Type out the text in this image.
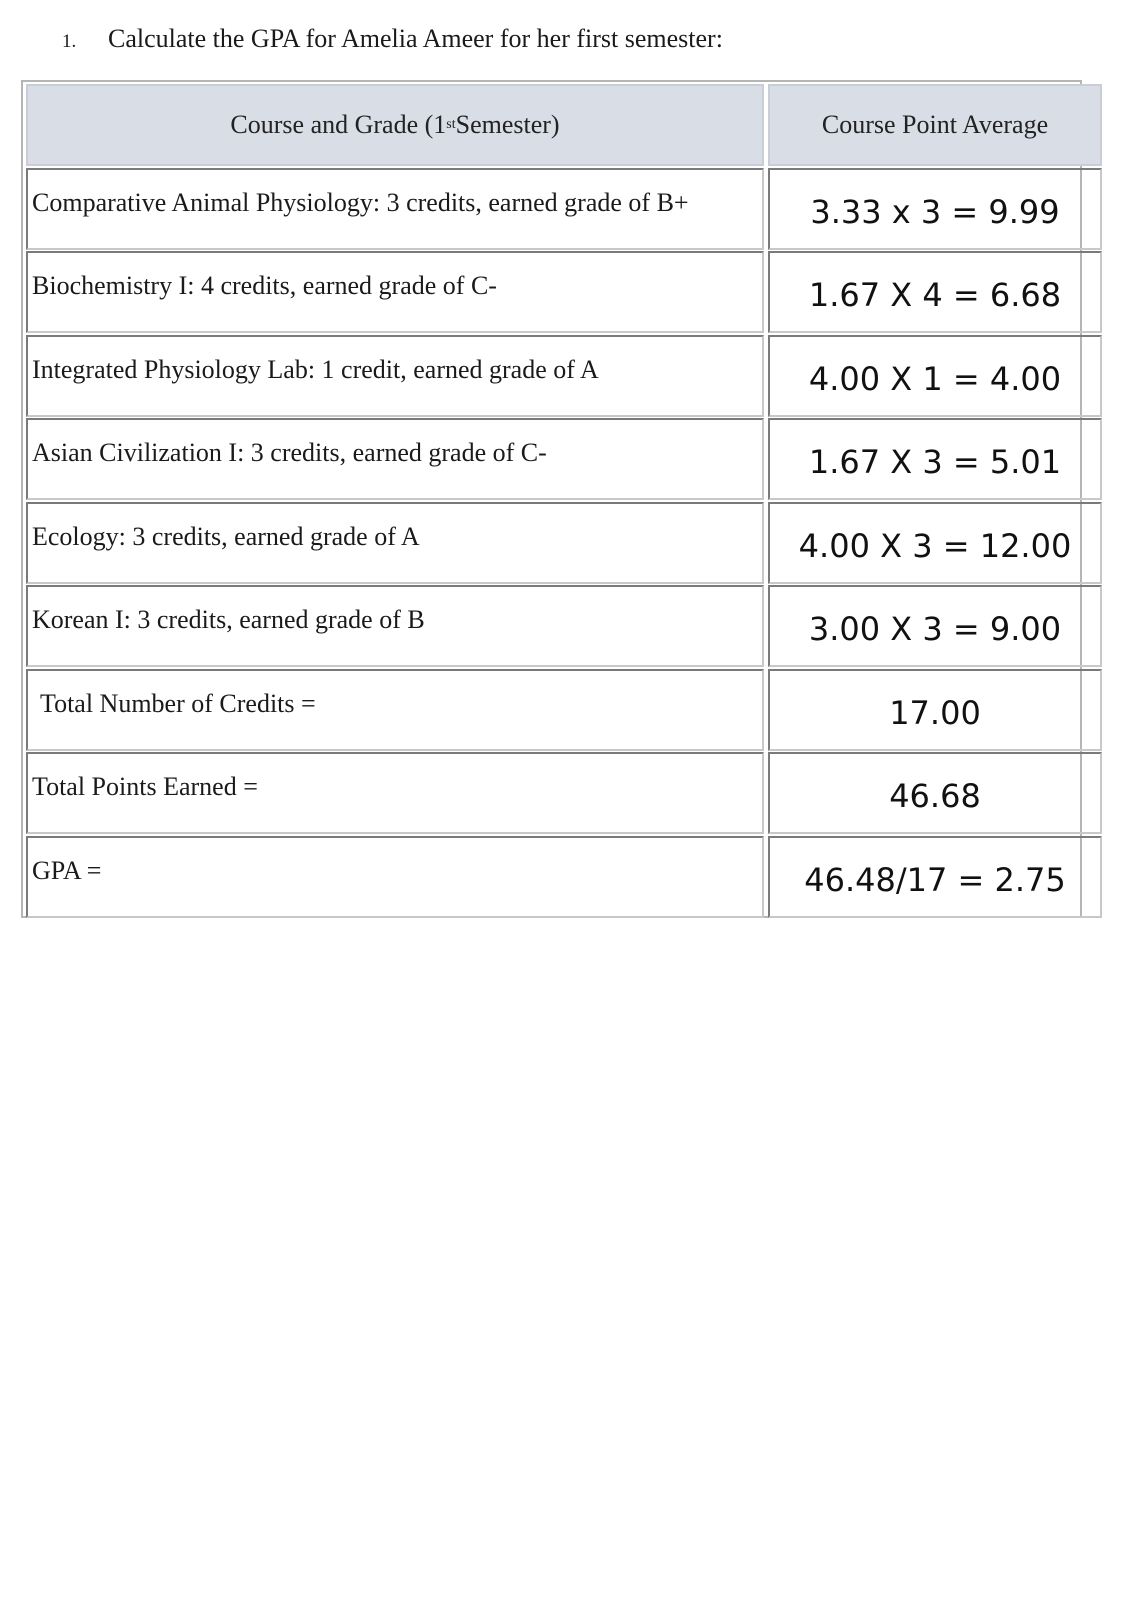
1. Calculate the GPA for Amelia Ameer for her first semester:
Course and Grade (1 st Semester)	Course Point Average
Comparative Animal Physiology: 3 credits, earned grade of B+	3.33 x 3 = 9.99
Biochemistry I: 4 credits, earned grade of C-	1.67 X 4 = 6.68
Integrated Physiology Lab: 1 credit, earned grade of A	4.00 X 1 = 4.00
Asian Civilization I: 3 credits, earned grade of C-	1.67 X 3 = 5.01
Ecology: 3 credits, earned grade of A	4.00 X 3 = 12.00
Korean I: 3 credits, earned grade of B	3.00 X 3 = 9.00
Total Number of Credits =	17.00
Total Points Earned =	46.68
GPA =	46.48/17 = 2.75
